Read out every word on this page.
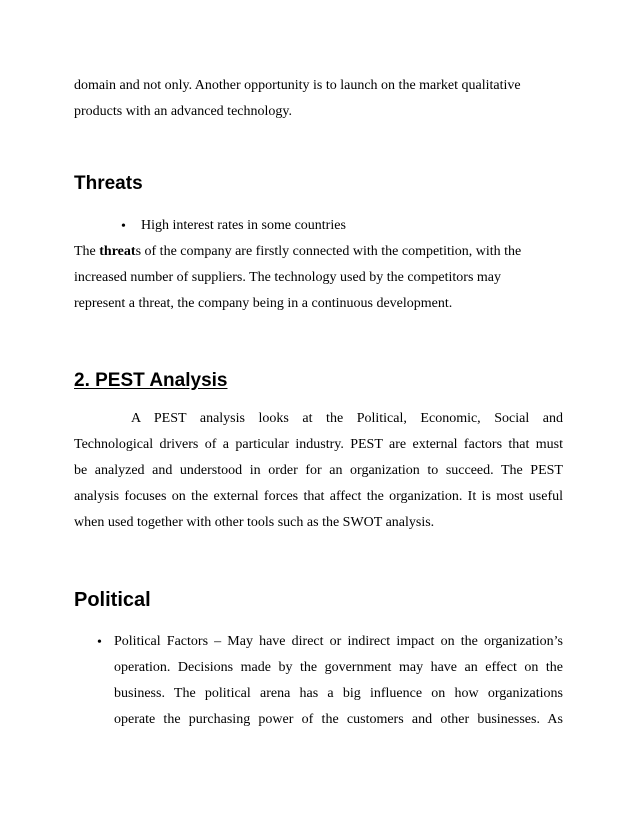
domain and not only. Another opportunity is to launch on the market qualitative
products with an advanced technology.
Threats
• High interest rates in some countries
The threats of the company are firstly connected with the competition, with the
increased number of suppliers. The technology used by the competitors may
represent a threat, the company being in a continuous development.
2. PEST Analysis
A PEST analysis looks at the Political, Economic, Social and
Technological drivers of a particular industry. PEST are external factors that must
be analyzed and understood in order for an organization to succeed. The PEST
analysis focuses on the external forces that affect the organization. It is most useful
when used together with other tools such as the SWOT analysis.
Political
• Political Factors – May have direct or indirect impact on the organization’s
operation. Decisions made by the government may have an effect on the
business. The political arena has a big influence on how organizations
operate the purchasing power of the customers and other businesses. As
